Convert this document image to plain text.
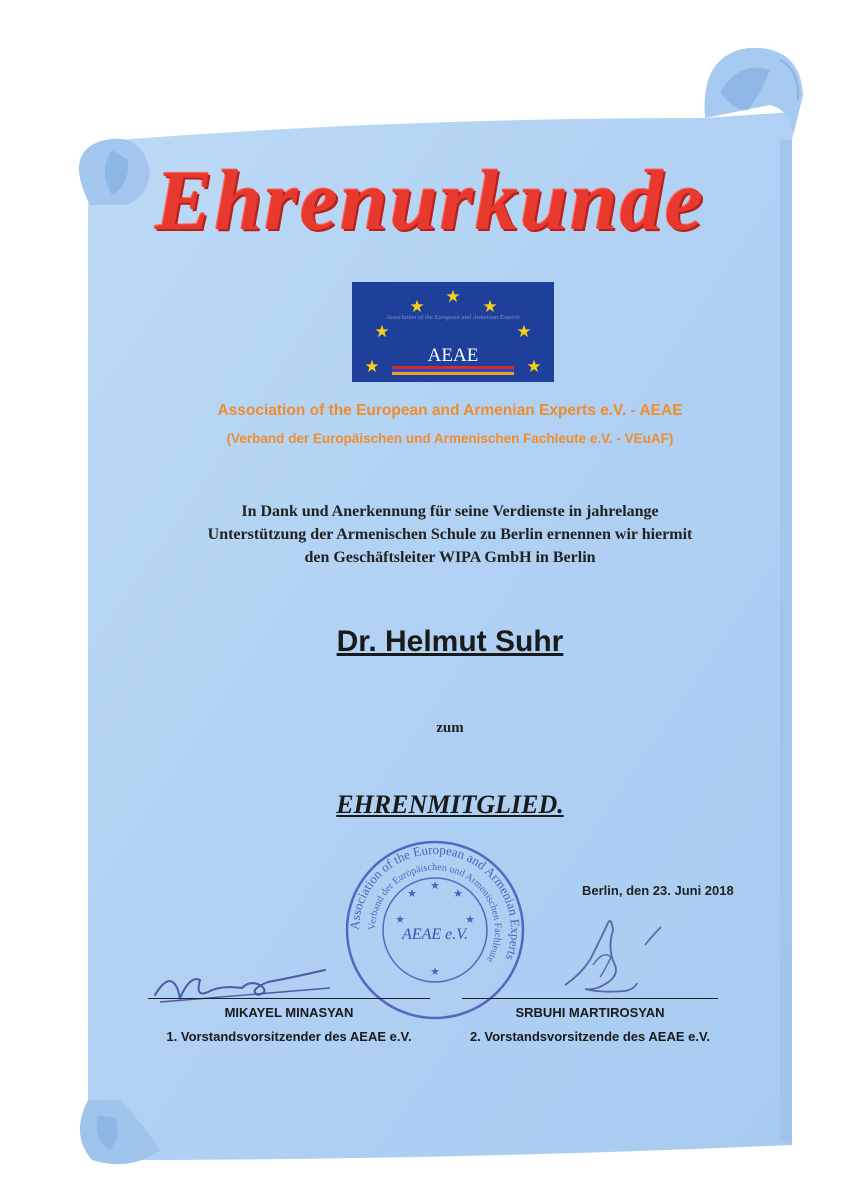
Ehrenurkunde
★ ★ ★
★	★
★	★
Association of the European and Armenian Experts
AEAE
Association of the European and Armenian Experts e.V. - AEAE
(Verband der Europäischen und Armenischen Fachleute e.V. - VEuAF)
In Dank und Anerkennung für seine Verdienste in jahrelange
Unterstützung der Armenischen Schule zu Berlin ernennen wir hiermit
den Geschäftsleiter WIPA GmbH in Berlin
Dr. Helmut Suhr
zum
EHRENMITGLIED.
Berlin, den 23. Juni 2018
Association of the European and Armenian Experts
Verband der Europäischen und Armenischen Fachleute
★
★
★
★	★
★
AEAE e.V.
MIKAYEL MINASYAN
1. Vorstandsvorsitzender des AEAE e.V.
SRBUHI MARTIROSYAN
2. Vorstandsvorsitzende des AEAE e.V.
